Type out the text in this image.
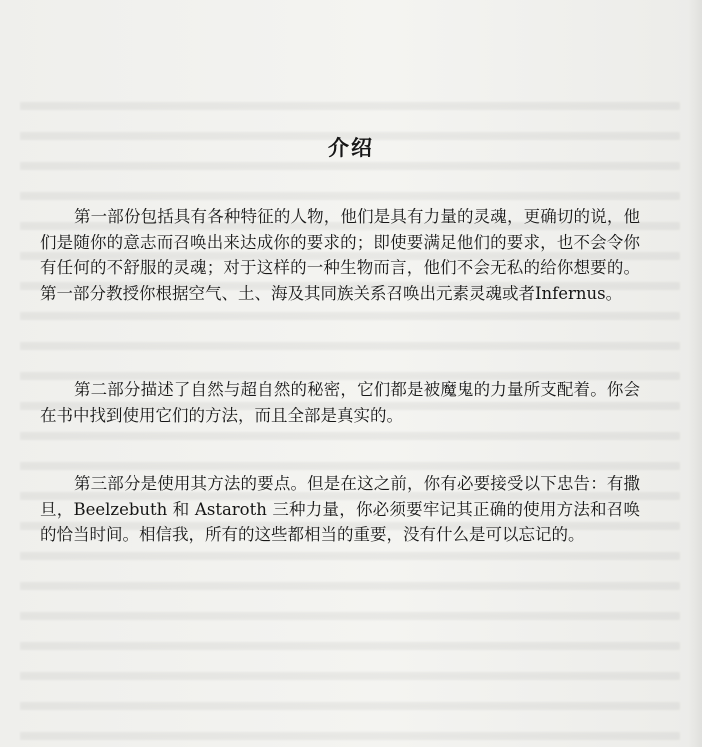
介绍

第一部份包括具有各种特征的人物，他们是具有力量的灵魂，更确切的说，他们是随你的意志而召唤出来达成你的要求的；即使要满足他们的要求，也不会令你有任何的不舒服的灵魂；对于这样的一种生物而言，他们不会无私的给你想要的。第一部分教授你根据空气、土、海及其同族关系召唤出元素灵魂或者Infernus。

第二部分描述了自然与超自然的秘密，它们都是被魔鬼的力量所支配着。你会在书中找到使用它们的方法，而且全部是真实的。

第三部分是使用其方法的要点。但是在这之前，你有必要接受以下忠告：有撒旦，Beelzebuth 和 Astaroth 三种力量，你必须要牢记其正确的使用方法和召唤的恰当时间。相信我，所有的这些都相当的重要，没有什么是可以忘记的。
